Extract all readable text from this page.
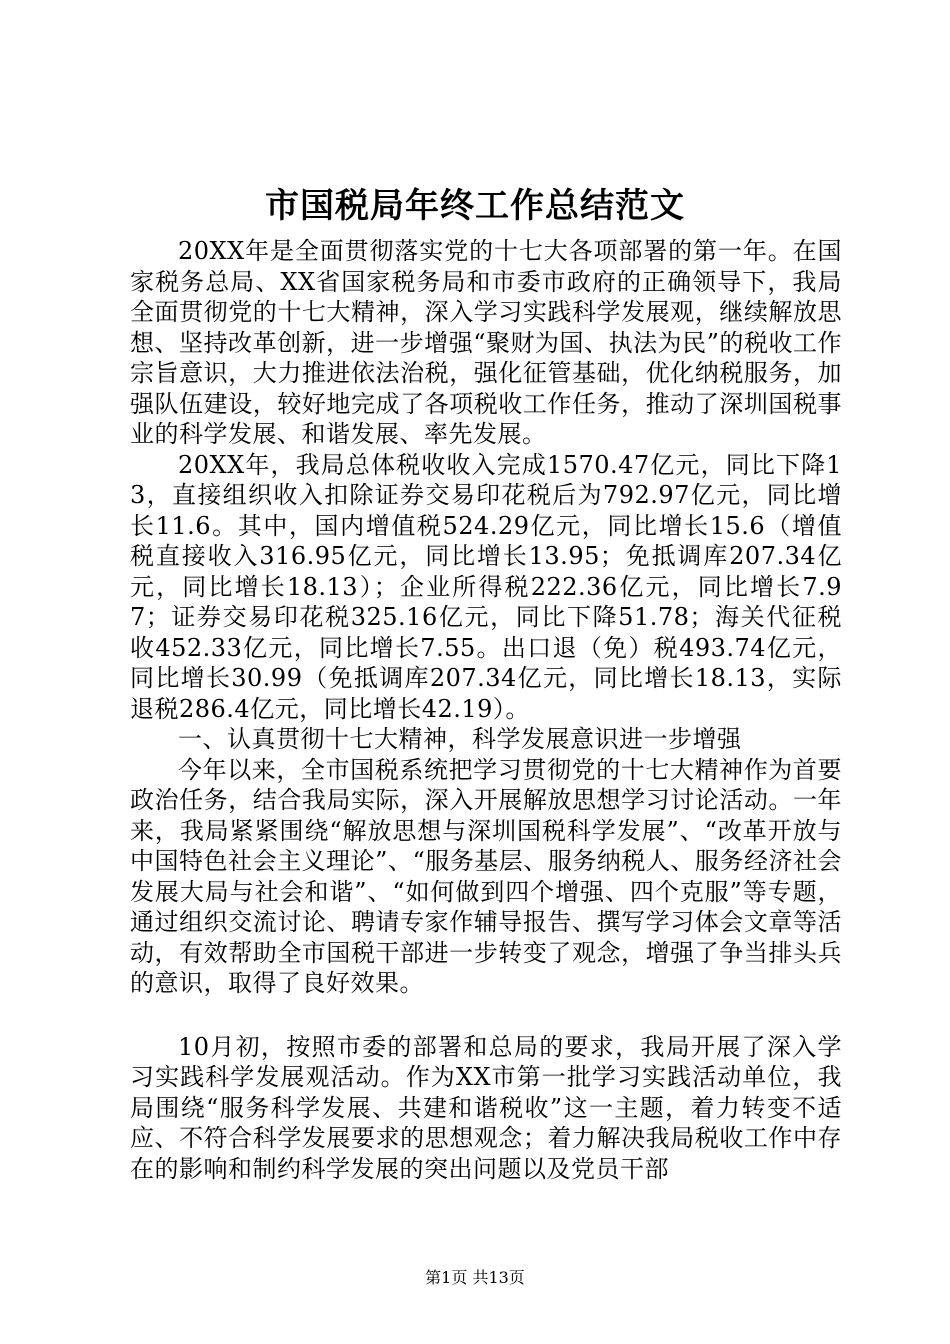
市国税局年终工作总结范文

20XX年是全面贯彻落实党的十七大各项部署的第一年。在国家税务总局、XX省国家税务局和市委市政府的正确领导下，我局全面贯彻党的十七大精神，深入学习实践科学发展观，继续解放思想、坚持改革创新，进一步增强“聚财为国、执法为民”的税收工作宗旨意识，大力推进依法治税，强化征管基础，优化纳税服务，加强队伍建设，较好地完成了各项税收工作任务，推动了深圳国税事业的科学发展、和谐发展、率先发展。

20XX年，我局总体税收收入完成1570.47亿元，同比下降13，直接组织收入扣除证券交易印花税后为792.97亿元，同比增长11.6。其中，国内增值税524.29亿元，同比增长15.6（增值税直接收入316.95亿元，同比增长13.95；免抵调库207.34亿元，同比增长18.13）；企业所得税222.36亿元，同比增长7.97；证券交易印花税325.16亿元，同比下降51.78；海关代征税收452.33亿元，同比增长7.55。出口退（免）税493.74亿元，同比增长30.99（免抵调库207.34亿元，同比增长18.13，实际退税286.4亿元，同比增长42.19）。

一、认真贯彻十七大精神，科学发展意识进一步增强

今年以来，全市国税系统把学习贯彻党的十七大精神作为首要政治任务，结合我局实际，深入开展解放思想学习讨论活动。一年来，我局紧紧围绕“解放思想与深圳国税科学发展”、“改革开放与中国特色社会主义理论”、“服务基层、服务纳税人、服务经济社会发展大局与社会和谐”、“如何做到四个增强、四个克服”等专题，通过组织交流讨论、聘请专家作辅导报告、撰写学习体会文章等活动，有效帮助全市国税干部进一步转变了观念，增强了争当排头兵的意识，取得了良好效果。

10月初，按照市委的部署和总局的要求，我局开展了深入学习实践科学发展观活动。作为XX市第一批学习实践活动单位，我局围绕“服务科学发展、共建和谐税收”这一主题，着力转变不适应、不符合科学发展要求的思想观念；着力解决我局税收工作中存在的影响和制约科学发展的突出问题以及党员干部

第1页 共13页
